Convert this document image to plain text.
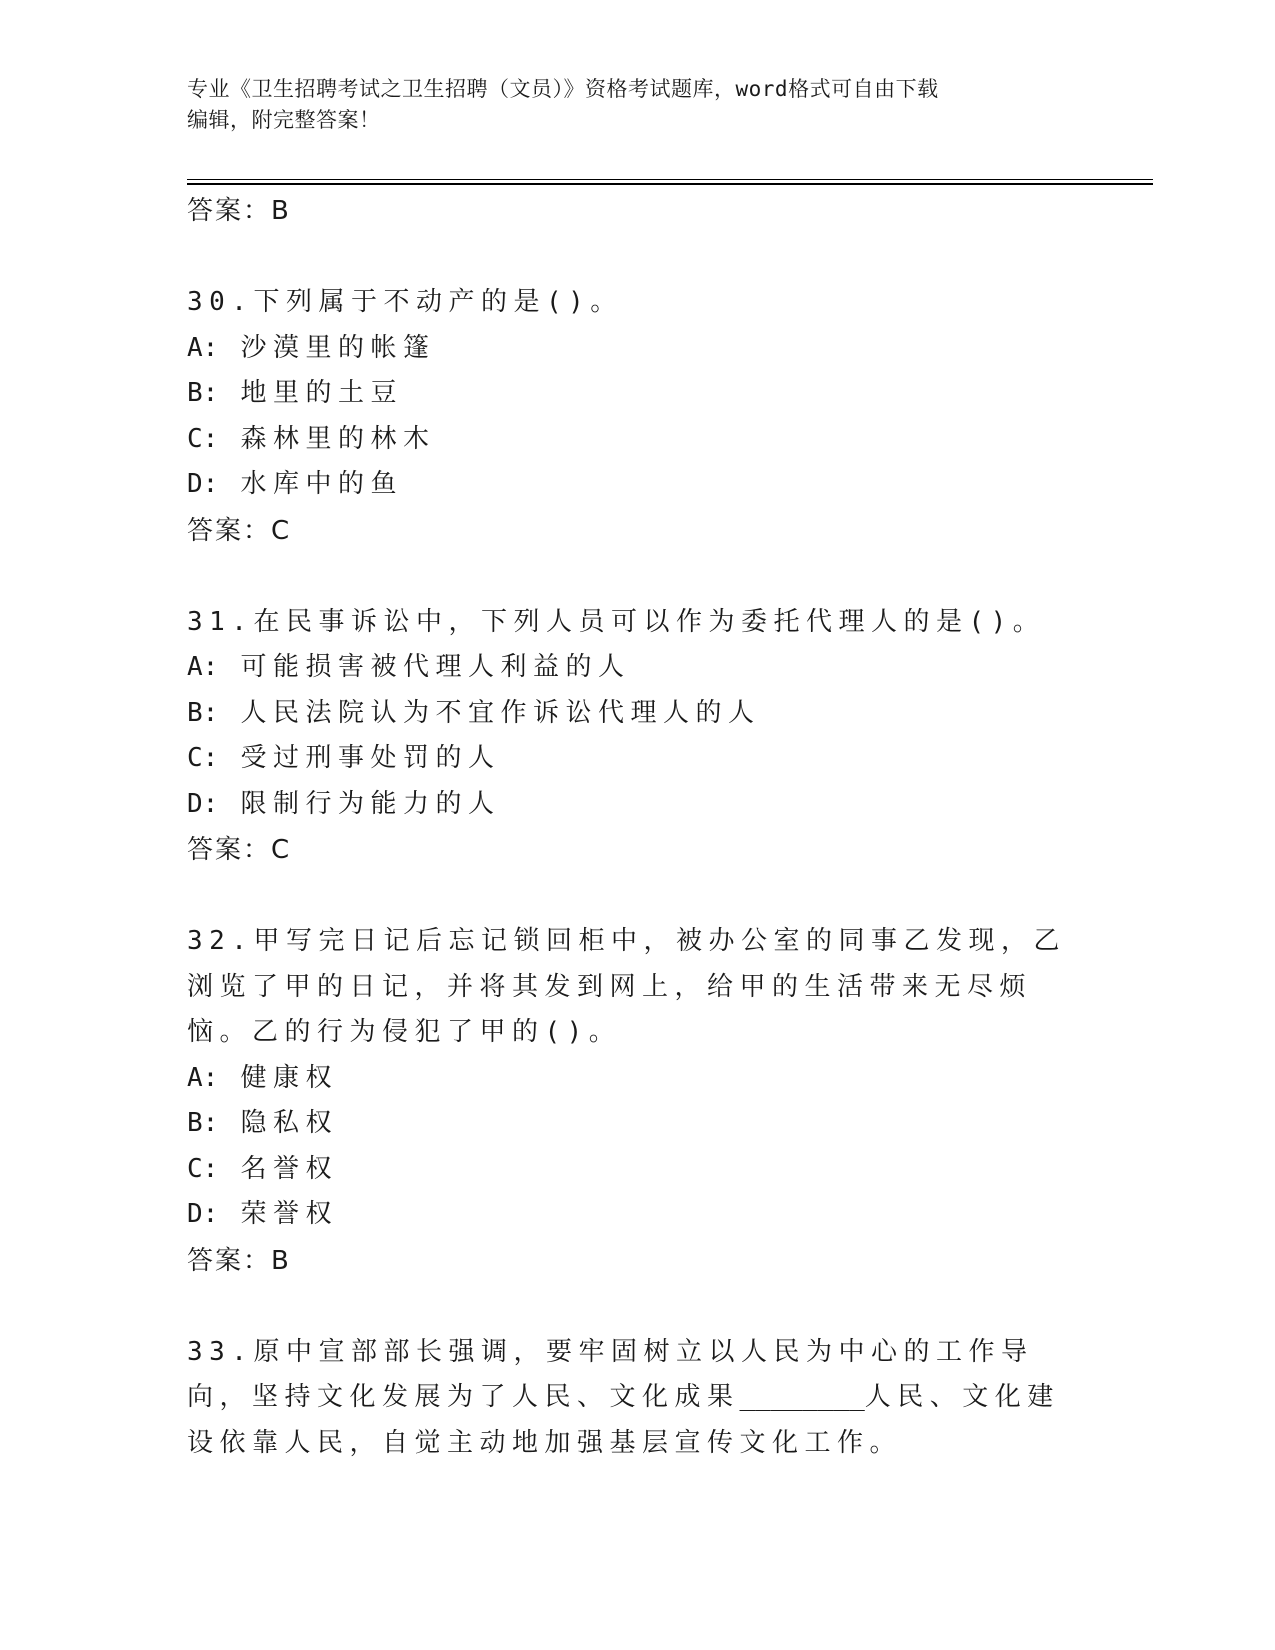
专业《卫生招聘考试之卫生招聘（文员）》资格考试题库，word格式可自由下载
编辑，附完整答案！
答案：B
30.下列属于不动产的是()。
A: 沙漠里的帐篷
B: 地里的土豆
C: 森林里的林木
D: 水库中的鱼
答案：C
31.在民事诉讼中，下列人员可以作为委托代理人的是()。
A: 可能损害被代理人利益的人
B: 人民法院认为不宜作诉讼代理人的人
C: 受过刑事处罚的人
D: 限制行为能力的人
答案：C
32.甲写完日记后忘记锁回柜中，被办公室的同事乙发现，乙浏览了甲的日记，并将其发到网上，给甲的生活带来无尽烦恼。乙的行为侵犯了甲的()。
A: 健康权
B: 隐私权
C: 名誉权
D: 荣誉权
答案：B
33.原中宣部部长强调，要牢固树立以人民为中心的工作导向，坚持文化发展为了人民、文化成果________人民、文化建设依靠人民，自觉主动地加强基层宣传文化工作。
